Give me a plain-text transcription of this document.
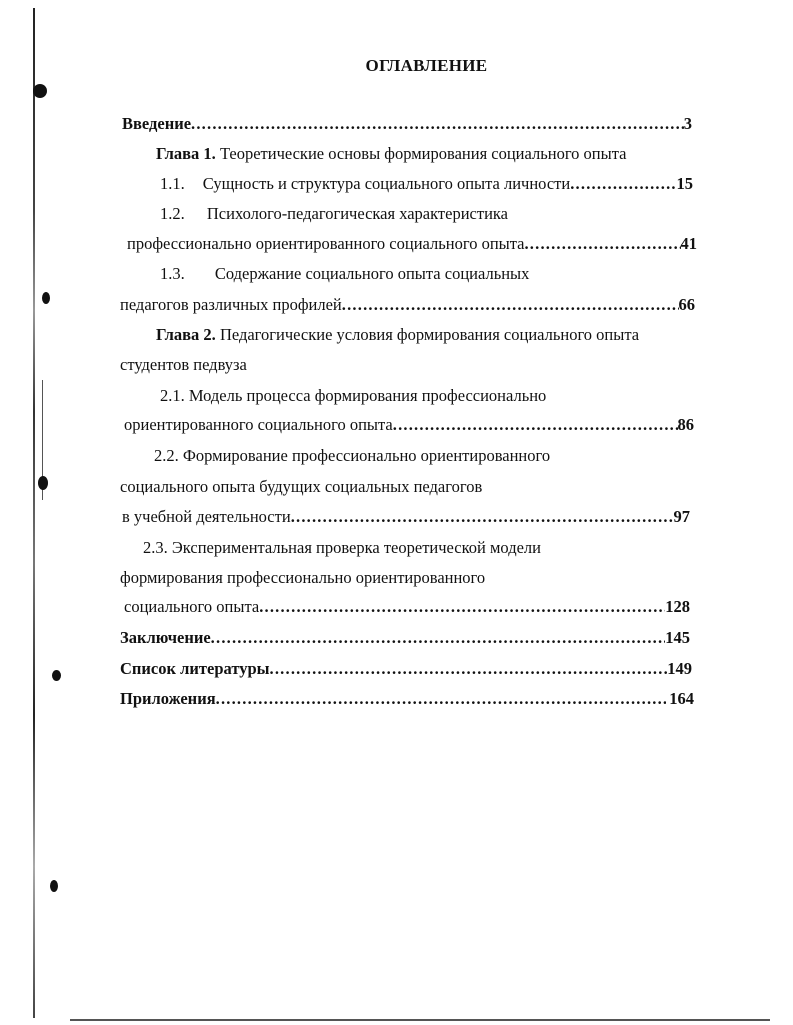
ОГЛАВЛЕНИЕ
Введение .....	3
Глава 1. Теоретические основы формирования социального опыта
1.1. Сущность и структура социального опыта личности .....	15
1.2. Психолого-педагогическая характеристика
профессионально ориентированного социального опыта .....	41
1.3. Содержание социального опыта социальных
педагогов различных профилей .....	66
Глава 2. Педагогические условия формирования социального опыта
студентов педвуза
2.1. Модель процесса формирования профессионально
ориентированного социального опыта .....	86
2.2. Формирование профессионально ориентированного
социального опыта будущих социальных педагогов
в учебной деятельности .....	97
2.3. Экспериментальная проверка теоретической модели
формирования профессионально ориентированного
социального опыта .....	128
Заключение .....	145
Список литературы .....	149
Приложения .....	164
